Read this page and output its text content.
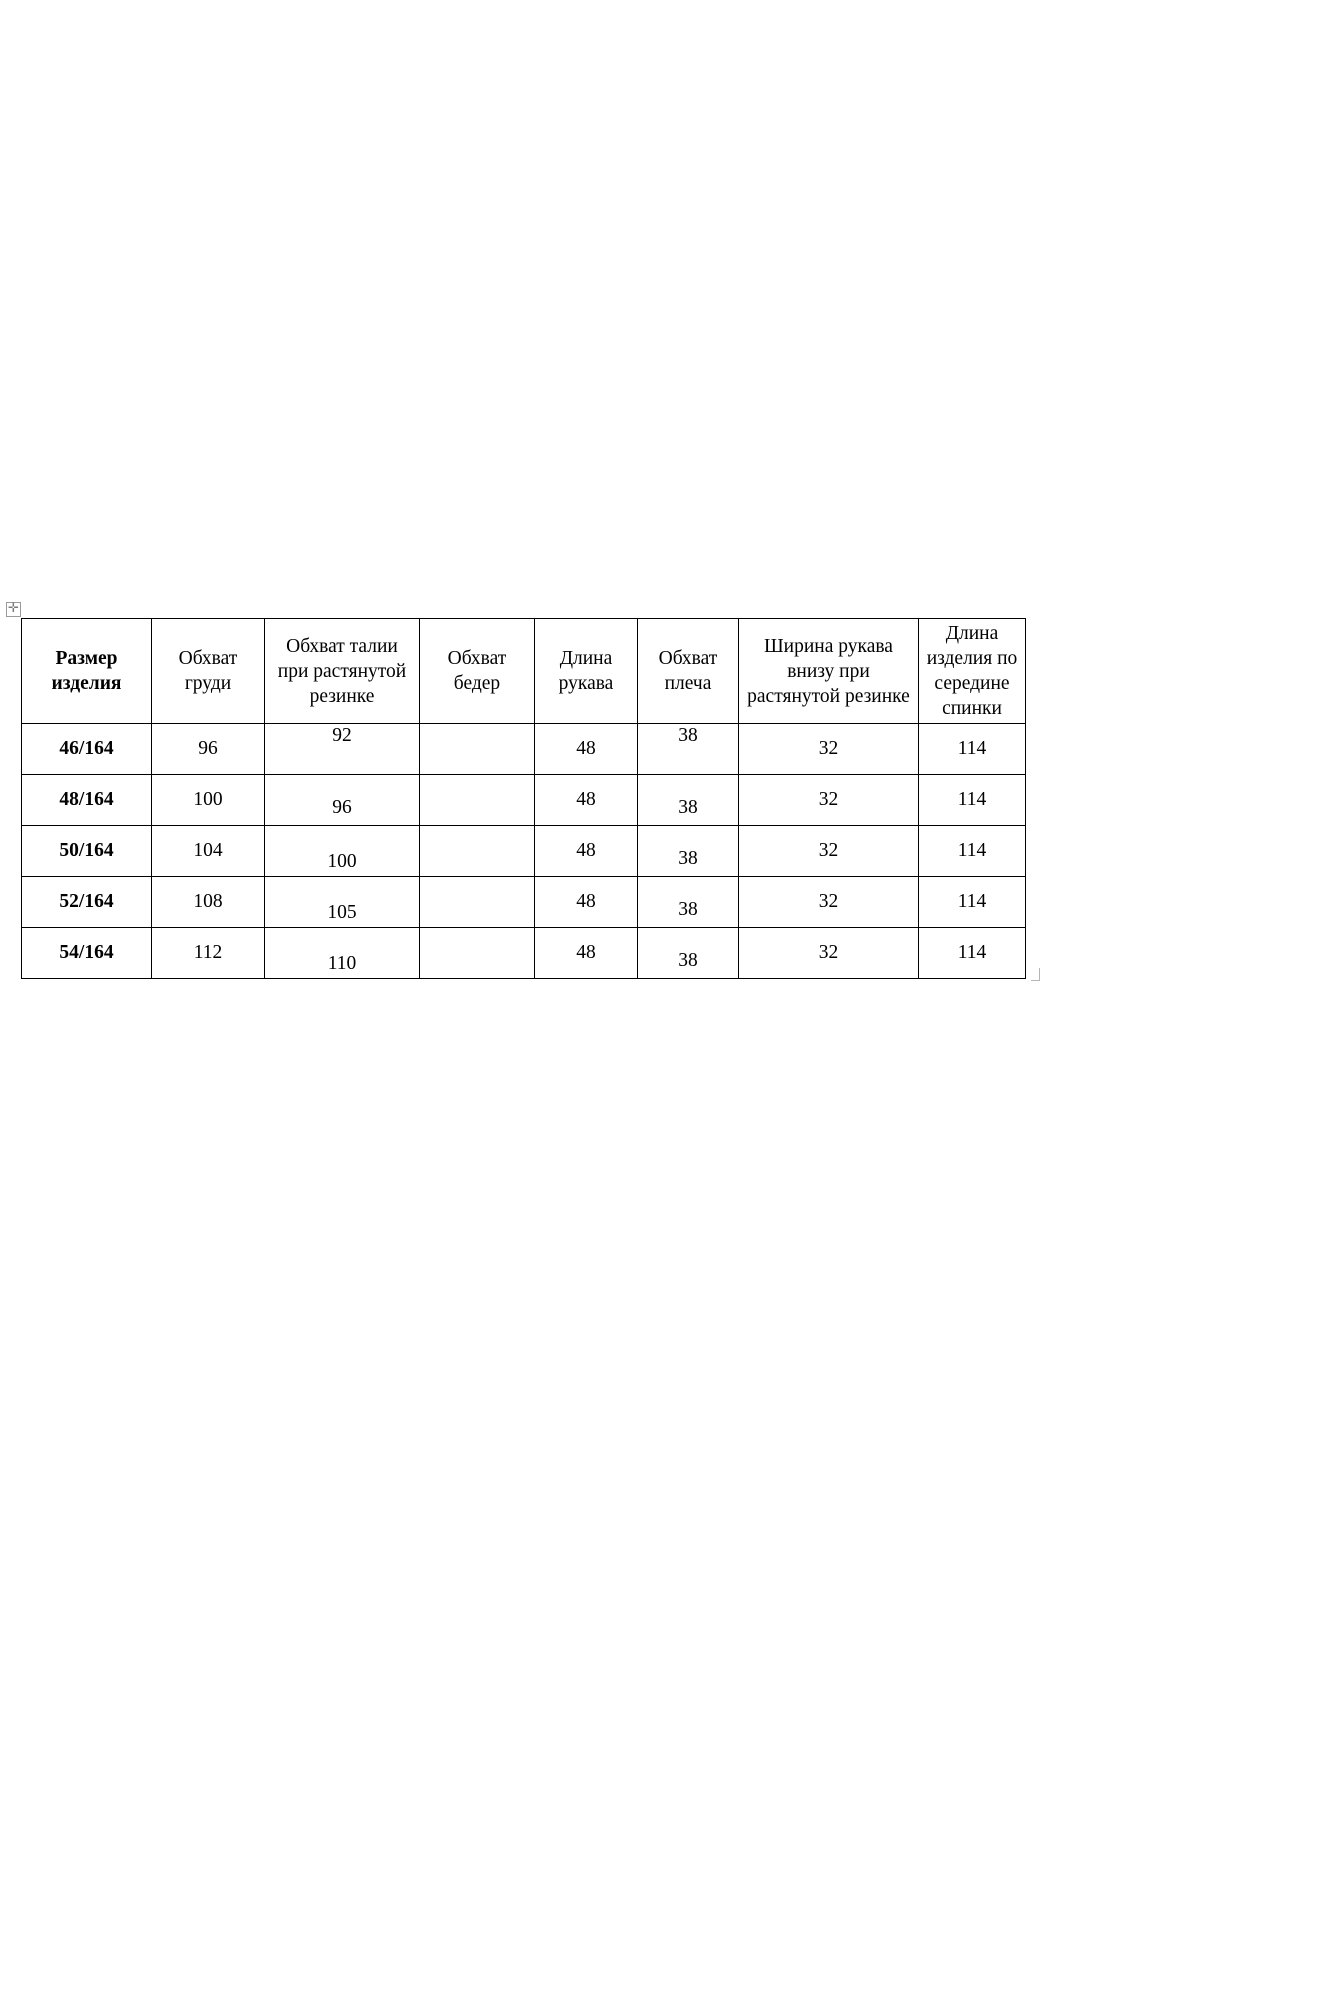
✛
Размер изделия	Обхват груди	Обхват талии при растянутой резинке	Обхват бедер	Длина рукава	Обхват плеча	Ширина рукава внизу при растянутой резинке	Длина изделия по середине спинки
46/164	96	92		48	38	32	114
48/164	100	96		48	38	32	114
50/164	104	100		48	38	32	114
52/164	108	105		48	38	32	114
54/164	112	110		48	38	32	114
